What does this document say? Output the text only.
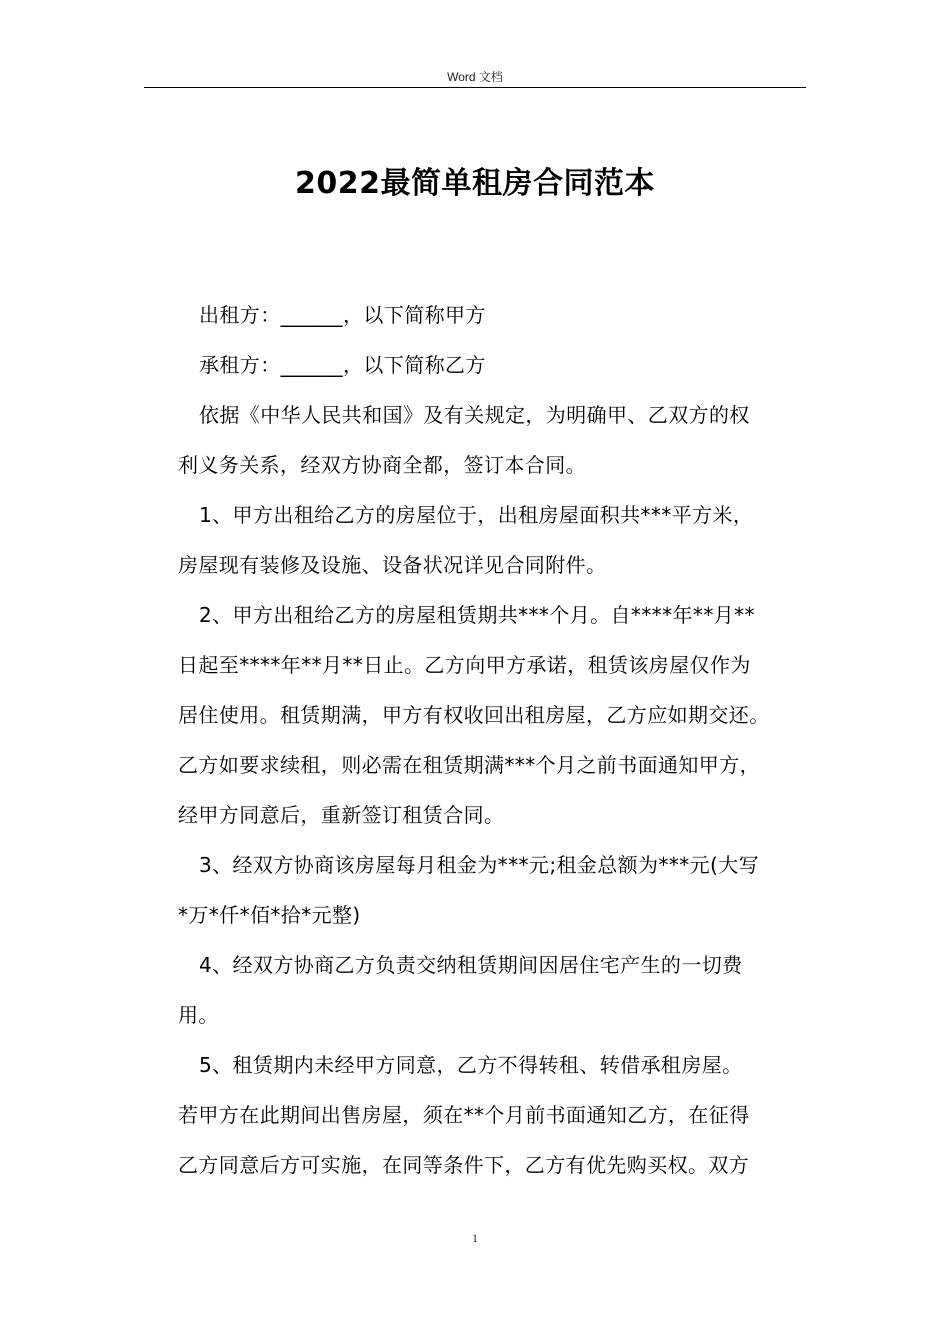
Word 文档
2022最简单租房合同范本
出租方：______，以下简称甲方
承租方：______，以下简称乙方
依据《中华人民共和国》及有关规定，为明确甲、乙双方的权
利义务关系，经双方协商全都，签订本合同。
1、甲方出租给乙方的房屋位于，出租房屋面积共***平方米，
房屋现有装修及设施、设备状况详见合同附件。
2、甲方出租给乙方的房屋租赁期共***个月。自****年**月**
日起至****年**月**日止。乙方向甲方承诺，租赁该房屋仅作为
居住使用。租赁期满，甲方有权收回出租房屋，乙方应如期交还。
乙方如要求续租，则必需在租赁期满***个月之前书面通知甲方，
经甲方同意后，重新签订租赁合同。
3、经双方协商该房屋每月租金为***元;租金总额为***元(大写
*万*仟*佰*拾*元整)
4、经双方协商乙方负责交纳租赁期间因居住宅产生的一切费
用。
5、租赁期内未经甲方同意，乙方不得转租、转借承租房屋。
若甲方在此期间出售房屋，须在**个月前书面通知乙方，在征得
乙方同意后方可实施，在同等条件下，乙方有优先购买权。双方
1
